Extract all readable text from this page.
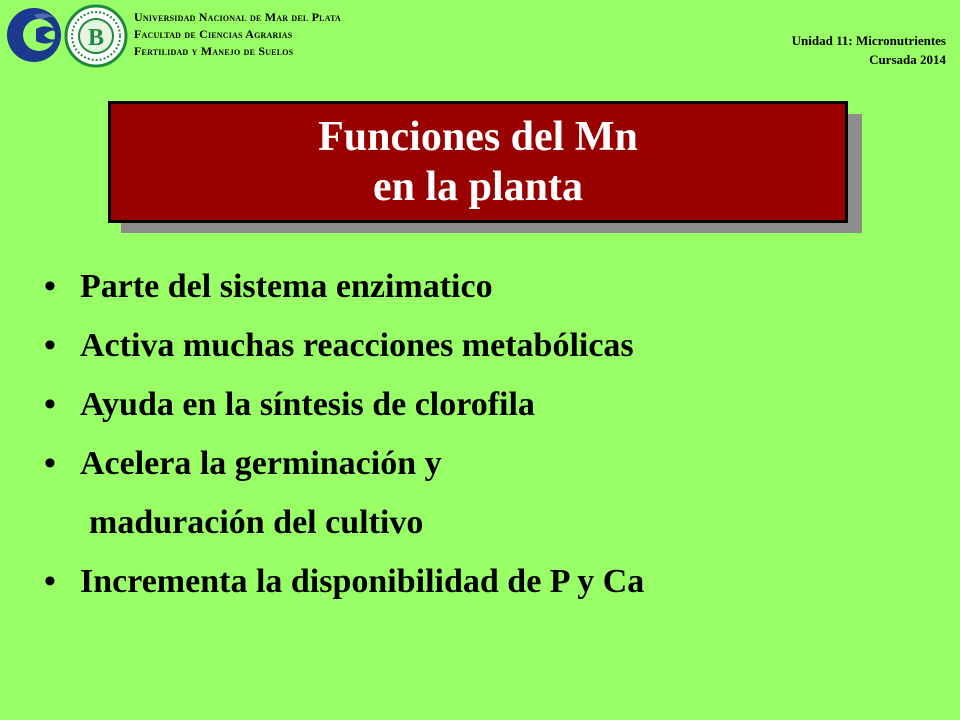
B
Universidad Nacional de Mar del Plata
Facultad de Ciencias Agrarias
Fertilidad y Manejo de Suelos
Unidad 11: Micronutrientes
Cursada 2014
Funciones del Mn
en la planta
• Parte del sistema enzimatico
• Activa muchas reacciones metabólicas
• Ayuda en la síntesis de clorofila
• Acelera la germinación y
maduración del cultivo
• Incrementa la disponibilidad de P y Ca
